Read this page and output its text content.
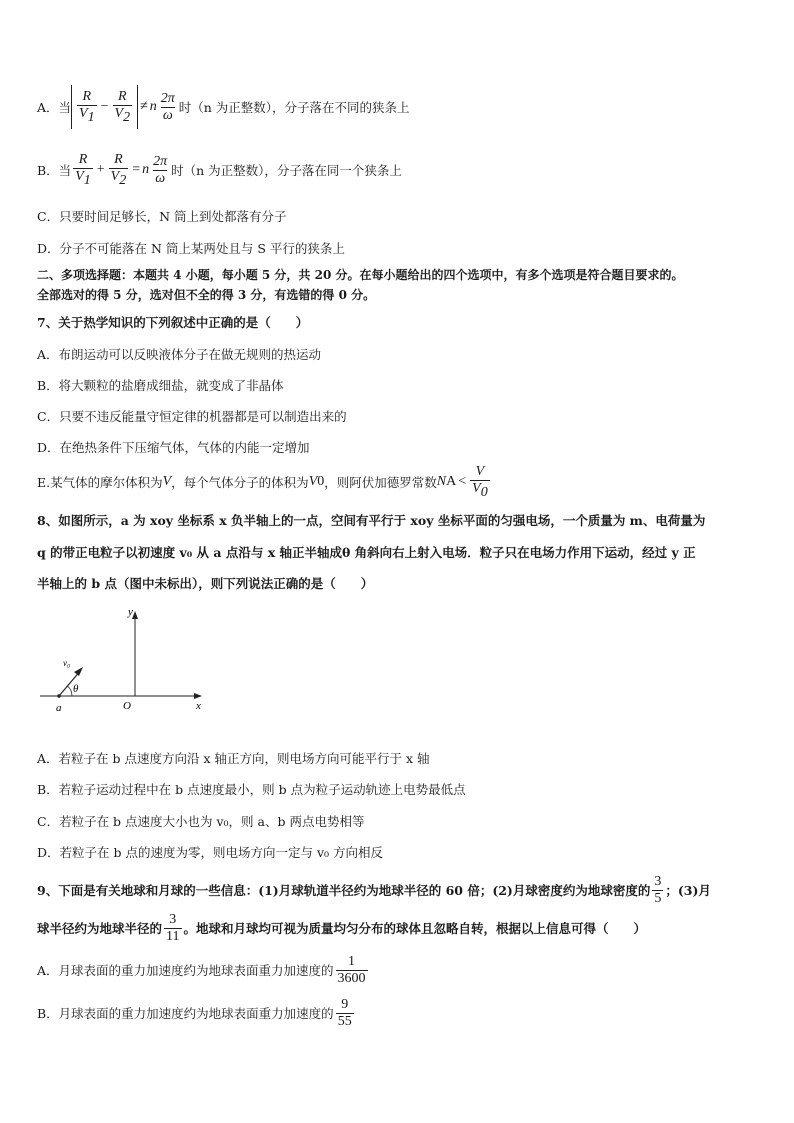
A．当 $\frac{R}{V_1} - \frac{R}{V_2} \ne n \frac{2\pi}{\omega}$ 时（n 为正整数），分子落在不同的狭条上
B．当 $\frac{R}{V_1} + \frac{R}{V_2} = n \frac{2\pi}{\omega}$ 时（n 为正整数），分子落在同一个狭条上
C．只要时间足够长，N 筒上到处都落有分子
D．分子不可能落在 N 筒上某两处且与 S 平行的狭条上
二、多项选择题：本题共 4 小题，每小题 5 分，共 20 分。在每小题给出的四个选项中，有多个选项是符合题目要求的。
全部选对的得 5 分，选对但不全的得 3 分，有选错的得 0 分。
7、关于热学知识的下列叙述中正确的是（　　）
A．布朗运动可以反映液体分子在做无规则的热运动
B．将大颗粒的盐磨成细盐，就变成了非晶体
C．只要不违反能量守恒定律的机器都是可以制造出来的
D．在绝热条件下压缩气体，气体的内能一定增加
E.某气体的摩尔体积为 V ，每个气体分子的体积为 V 0 ，则阿伏加德罗常数 N $A < \frac{V}{V_0}$
8、如图所示，a 为 xoy 坐标系 x 负半轴上的一点，空间有平行于 xoy 坐标平面的匀强电场，一个质量为 m、电荷量为
q 的带正电粒子以初速度 v₀ 从 a 点沿与 x 轴正半轴成θ 角斜向右上射入电场．粒子只在电场力作用下运动，经过 y 正
半轴上的 b 点（图中未标出），则下列说法正确的是（　　）
y
x
O
a
v₀
θ
A．若粒子在 b 点速度方向沿 x 轴正方向，则电场方向可能平行于 x 轴
B．若粒子运动过程中在 b 点速度最小，则 b 点为粒子运动轨迹上电势最低点
C．若粒子在 b 点速度大小也为 v₀，则 a、b 两点电势相等
D．若粒子在 b 点的速度为零，则电场方向一定与 v₀ 方向相反
9、下面是有关地球和月球的一些信息：(1)月球轨道半径约为地球半径的 60 倍；(2)月球密度约为地球密度的 $\frac{3}{5}$ ；(3)月
球半径约为地球半径的 $\frac{3}{11}$ 。地球和月球均可视为质量均匀分布的球体且忽略自转，根据以上信息可得（　　）
A．月球表面的重力加速度约为地球表面重力加速度的 $\frac{1}{3600}$
B．月球表面的重力加速度约为地球表面重力加速度的 $\frac{9}{55}$
